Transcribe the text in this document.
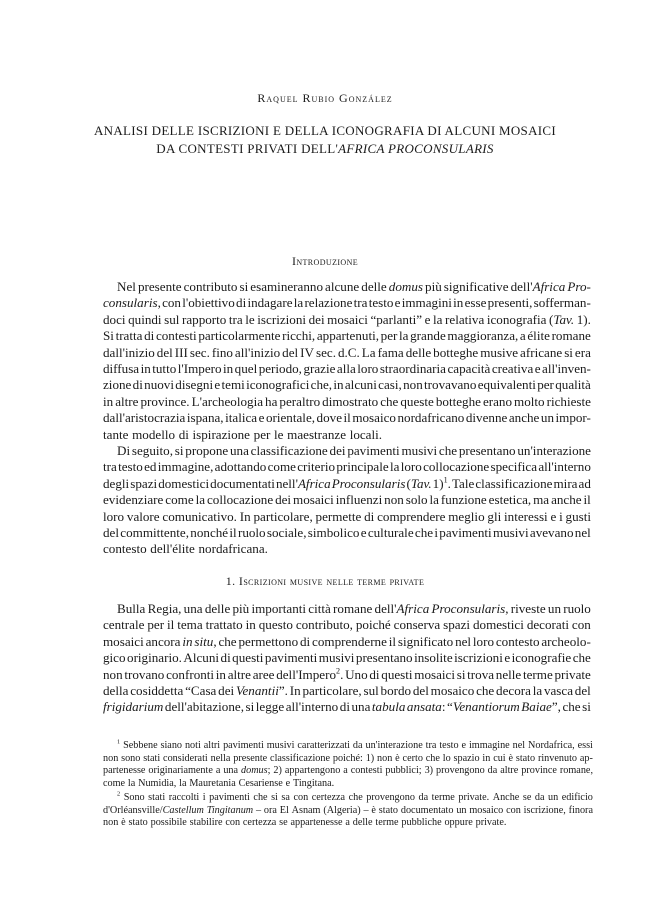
Raquel Rubio González
ANALISI DELLE ISCRIZIONI E DELLA ICONOGRAFIA DI ALCUNI MOSAICI
DA CONTESTI PRIVATI DELL'AFRICA PROCONSULARIS
Introduzione
Nel presente contributo si esamineranno alcune delle domus più significative dell'Africa Pro-
consularis, con l'obiettivo di indagare la relazione tra testo e immagini in esse presenti, sofferman-
doci quindi sul rapporto tra le iscrizioni dei mosaici “parlanti” e la relativa iconografia (Tav. 1).
Si tratta di contesti particolarmente ricchi, appartenuti, per la grande maggioranza, a élite romane
dall'inizio del III sec. fino all'inizio del IV sec. d.C. La fama delle botteghe musive africane si era
diffusa in tutto l'Impero in quel periodo, grazie alla loro straordinaria capacità creativa e all'inven-
zione di nuovi disegni e temi iconografici che, in alcuni casi, non trovavano equivalenti per qualità
in altre province. L'archeologia ha peraltro dimostrato che queste botteghe erano molto richieste
dall'aristocrazia ispana, italica e orientale, dove il mosaico nordafricano divenne anche un impor-
tante modello di ispirazione per le maestranze locali.
Di seguito, si propone una classificazione dei pavimenti musivi che presentano un'interazione
tra testo ed immagine, adottando come criterio principale la loro collocazione specifica all'interno
degli spazi domestici documentati nell'Africa Proconsularis (Tav. 1)$^1$. Tale classificazione mira ad
evidenziare come la collocazione dei mosaici influenzi non solo la funzione estetica, ma anche il
loro valore comunicativo. In particolare, permette di comprendere meglio gli interessi e i gusti
del committente, nonché il ruolo sociale, simbolico e culturale che i pavimenti musivi avevano nel
contesto dell'élite nordafricana.
1. Iscrizioni musive nelle terme private
Bulla Regia, una delle più importanti città romane dell'Africa Proconsularis, riveste un ruolo
centrale per il tema trattato in questo contributo, poiché conserva spazi domestici decorati con
mosaici ancora in situ, che permettono di comprenderne il significato nel loro contesto archeolo-
gico originario. Alcuni di questi pavimenti musivi presentano insolite iscrizioni e iconografie che
non trovano confronti in altre aree dell'Impero$^2$. Uno di questi mosaici si trova nelle terme private
della cosiddetta “Casa dei Venantii”. In particolare, sul bordo del mosaico che decora la vasca del
frigidarium dell'abitazione, si legge all'interno di una tabula ansata: “Venantiorum Baiae”, che si
$^1$ Sebbene siano noti altri pavimenti musivi caratterizzati da un'interazione tra testo e immagine nel Nordafrica, essi
non sono stati considerati nella presente classificazione poiché: 1) non è certo che lo spazio in cui è stato rinvenuto ap-
partenesse originariamente a una domus; 2) appartengono a contesti pubblici; 3) provengono da altre province romane,
come la Numidia, la Mauretania Cesariense e Tingitana.
$^2$ Sono stati raccolti i pavimenti che si sa con certezza che provengono da terme private. Anche se da un edificio
d'Orléansville/Castellum Tingitanum – ora El Asnam (Algeria) – è stato documentato un mosaico con iscrizione, finora
non è stato possibile stabilire con certezza se appartenesse a delle terme pubbliche oppure private.
